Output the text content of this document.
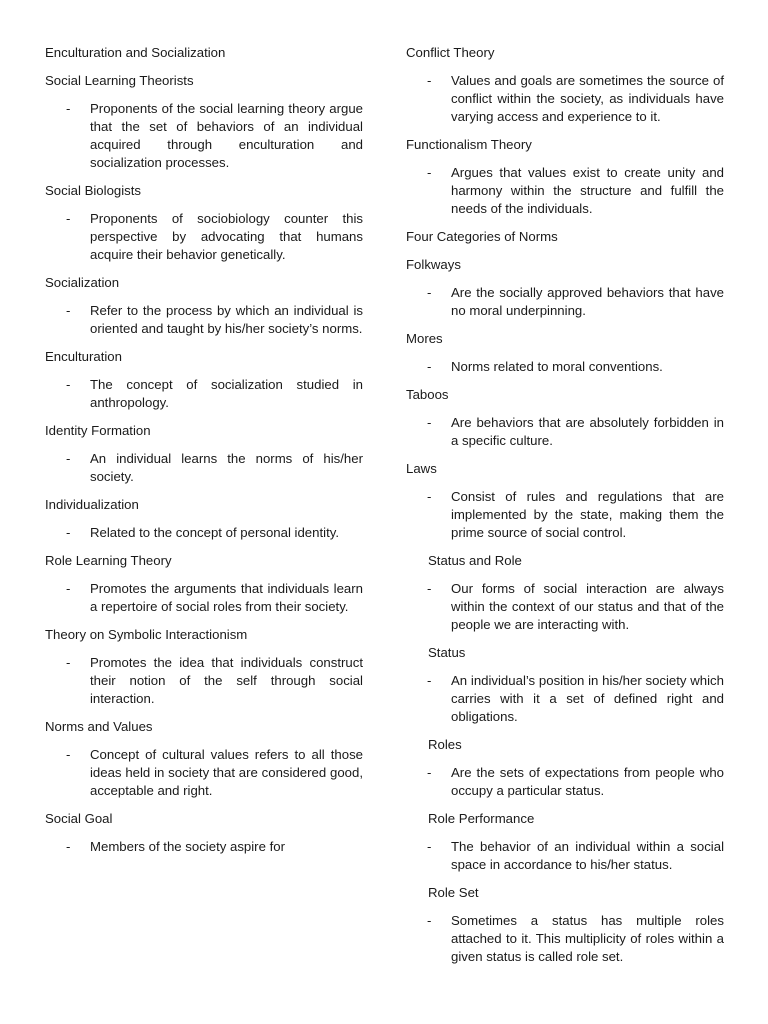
Enculturation and Socialization
Social Learning Theorists
- Proponents of the social learning theory argue that the set of behaviors of an individual acquired through enculturation and socialization processes.
Social Biologists
- Proponents of sociobiology counter this perspective by advocating that humans acquire their behavior genetically.
Socialization
- Refer to the process by which an individual is oriented and taught by his/her society’s norms.
Enculturation
- The concept of socialization studied in anthropology.
Identity Formation
- An individual learns the norms of his/her society.
Individualization
- Related to the concept of personal identity.
Role Learning Theory
- Promotes the arguments that individuals learn a repertoire of social roles from their society.
Theory on Symbolic Interactionism
- Promotes the idea that individuals construct their notion of the self through social interaction.
Norms and Values
- Concept of cultural values refers to all those ideas held in society that are considered good, acceptable and right.
Social Goal
- Members of the society aspire for
Conflict Theory
- Values and goals are sometimes the source of conflict within the society, as individuals have varying access and experience to it.
Functionalism Theory
- Argues that values exist to create unity and harmony within the structure and fulfill the needs of the individuals.
Four Categories of Norms
Folkways
- Are the socially approved behaviors that have no moral underpinning.
Mores
- Norms related to moral conventions.
Taboos
- Are behaviors that are absolutely forbidden in a specific culture.
Laws
- Consist of rules and regulations that are implemented by the state, making them the prime source of social control.
Status and Role
- Our forms of social interaction are always within the context of our status and that of the people we are interacting with.
Status
- An individual’s position in his/her society which carries with it a set of defined right and obligations.
Roles
- Are the sets of expectations from people who occupy a particular status.
Role Performance
- The behavior of an individual within a social space in accordance to his/her status.
Role Set
- Sometimes a status has multiple roles attached to it. This multiplicity of roles within a given status is called role set.
